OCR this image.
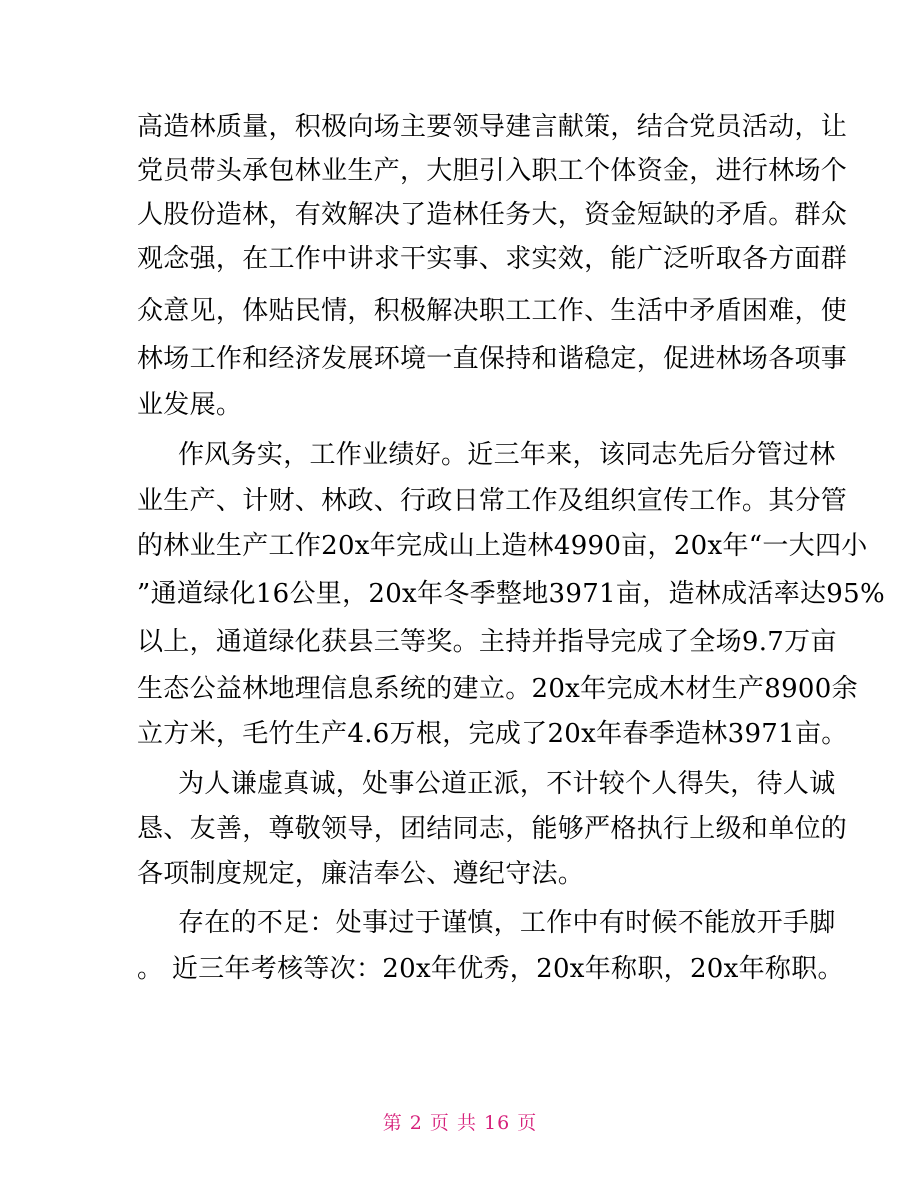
高造林质量，积极向场主要领导建言献策，结合党员活动，让
党员带头承包林业生产，大胆引入职工个体资金，进行林场个
人股份造林，有效解决了造林任务大，资金短缺的矛盾。群众
观念强，在工作中讲求干实事、求实效，能广泛听取各方面群
众意见，体贴民情，积极解决职工工作、生活中矛盾困难，使
林场工作和经济发展环境一直保持和谐稳定，促进林场各项事
业发展。
作风务实，工作业绩好。近三年来，该同志先后分管过林
业生产、计财、林政、行政日常工作及组织宣传工作。其分管
的林业生产工作20x年完成山上造林4990亩，20x年“一大四小
”通道绿化16公里，20x年冬季整地3971亩，造林成活率达95%
以上，通道绿化获县三等奖。主持并指导完成了全场9.7万亩
生态公益林地理信息系统的建立。20x年完成木材生产8900余
立方米，毛竹生产4.6万根，完成了20x年春季造林3971亩。
为人谦虚真诚，处事公道正派，不计较个人得失，待人诚
恳、友善，尊敬领导，团结同志，能够严格执行上级和单位的
各项制度规定，廉洁奉公、遵纪守法。
存在的不足：处事过于谨慎，工作中有时候不能放开手脚
。 近三年考核等次：20x年优秀，20x年称职，20x年称职。
第 2 页 共 16 页
